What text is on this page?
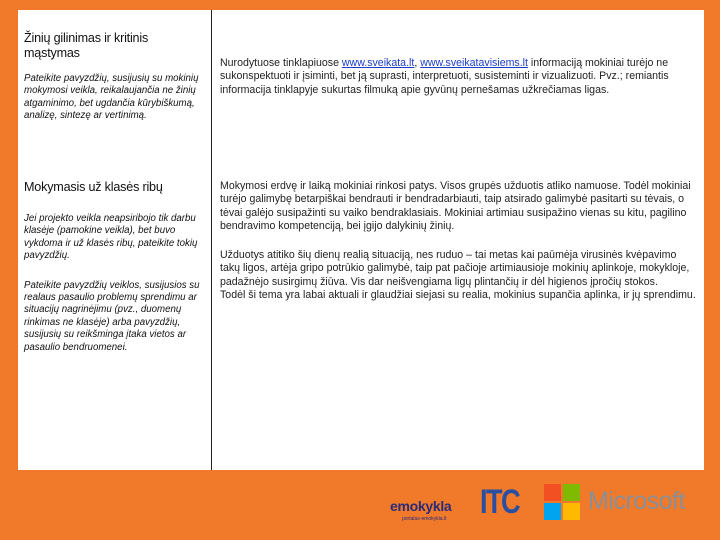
Žinių gilinimas ir kritinis mąstymas
Pateikite pavyzdžių, susijusių su mokinių mokymosi veikla, reikalaujančia ne žinių atgaminimo, bet ugdančia kūrybiškumą, analizę, sintezę ar vertinimą.

Nurodytuose tinklapiuose www.sveikata.lt, www.sveikatavisiems.lt informaciją mokiniai turėjo ne sukonspektuoti ir įsiminti, bet ją suprasti, interpretuoti, susisteminti ir vizualizuoti. Pvz.; remiantis informacija tinklapyje sukurtas filmuką apie gyvūnų pernešamas užkrečiamas ligas.

Mokymasis už klasės ribų
Jei projekto veikla neapsiribojo tik darbu klasėje (pamokine veikla), bet buvo vykdoma ir už klasės ribų, pateikite tokių pavyzdžių.
Pateikite pavyzdžių veiklos, susijusios su realaus pasaulio problemų sprendimu ar situacijų nagrinėjimu (pvz., duomenų rinkimas ne klasėje) arba pavyzdžių, susijusių su reikšminga įtaka vietos ar pasaulio bendruomenei.

Mokymosi erdvę ir laiką mokiniai rinkosi patys. Visos grupės užduotis atliko namuose. Todėl mokiniai turėjo galimybę betarpiškai bendrauti ir bendradarbiauti, taip atsirado galimybė pasitarti su tėvais, o tėvai galėjo susipažinti su vaiko bendraklasiais. Mokiniai artimiau susipažino vienas su kitu, pagilino bendravimo kompetenciją, bei įgijo dalykinių žinių.

Užduotys atitiko šių dienų realią situaciją, nes ruduo – tai metas kai paūmėja virusinės kvėpavimo takų ligos, artėja gripo potrūkio galimybė, taip pat pačioje artimiausioje mokinių aplinkoje, mokykloje, padažnėjo susirgimų žiūva. Vis dar neišvengiama ligų plintančių ir dėl higienos įpročių stokos.

Todėl ši tema yra labai aktuali ir glaudžiai siejasi su realia, mokinius supančia aplinka, ir jų sprendimu.

emokykla
portalas-emokykla.lt ITC	Microsoft
